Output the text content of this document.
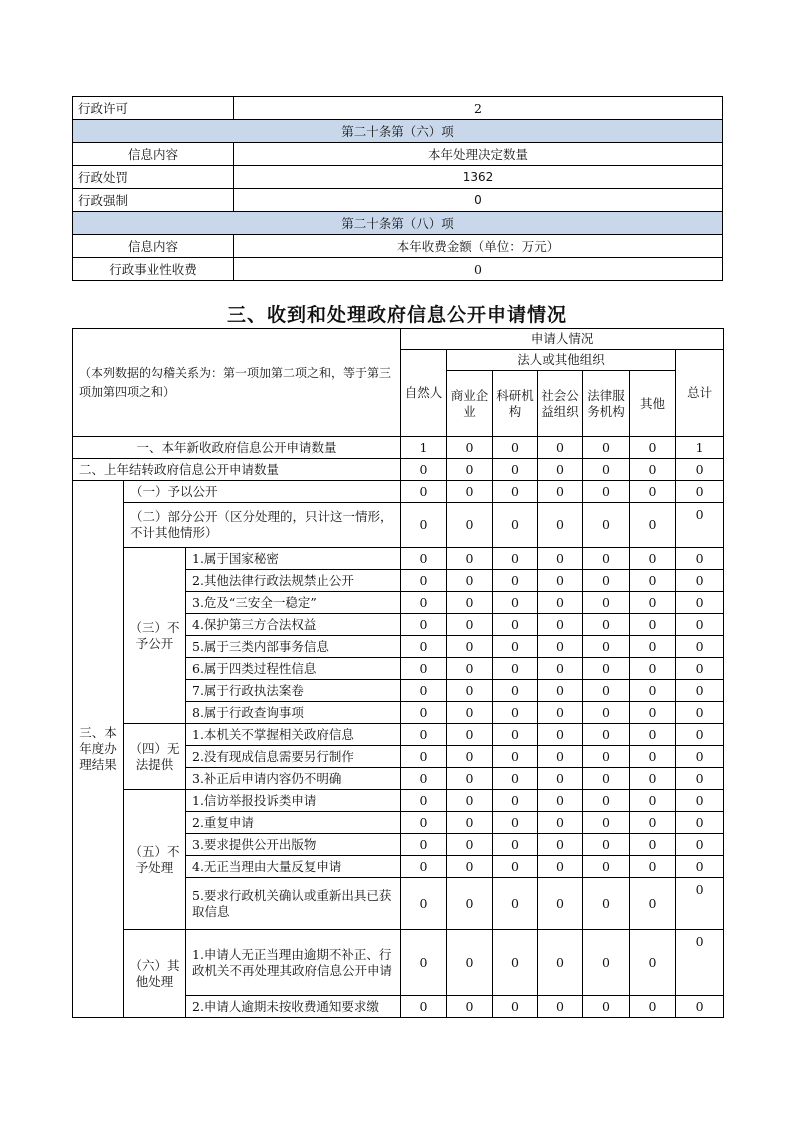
行政许可	2
第二十条第（六）项	
信息内容	本年处理决定数量
行政处罚	1362
行政强制	0
第二十条第（八）项	
信息内容	本年收费金额（单位：万元）
行政事业性收费	0
三、收到和处理政府信息公开申请情况
（本列数据的勾稽关系为：第一项加第二项之和，等于第三项加第四项之和）			申请人情况						
			自然人	法人或其他组织					总计
				商业企业	科研机构	社会公益组织	法律服务机构	其他	
一、本年新收政府信息公开申请数量			1	0	0	0	0	0	1
二、上年结转政府信息公开申请数量			0	0	0	0	0	0	0
三、本年度办理结果	（一）予以公开		0	0	0	0	0	0	0
	（二）部分公开（区分处理的，只计这一情形，不计其他情形）		0	0	0	0	0	0	0
	（三）不予公开	1.属于国家秘密	0	0	0	0	0	0	0
		2.其他法律行政法规禁止公开	0	0	0	0	0	0	0
		3.危及“三安全一稳定”	0	0	0	0	0	0	0
		4.保护第三方合法权益	0	0	0	0	0	0	0
		5.属于三类内部事务信息	0	0	0	0	0	0	0
		6.属于四类过程性信息	0	0	0	0	0	0	0
		7.属于行政执法案卷	0	0	0	0	0	0	0
		8.属于行政查询事项	0	0	0	0	0	0	0
	（四）无法提供	1.本机关不掌握相关政府信息	0	0	0	0	0	0	0
		2.没有现成信息需要另行制作	0	0	0	0	0	0	0
		3.补正后申请内容仍不明确	0	0	0	0	0	0	0
	（五）不予处理	1.信访举报投诉类申请	0	0	0	0	0	0	0
		2.重复申请	0	0	0	0	0	0	0
		3.要求提供公开出版物	0	0	0	0	0	0	0
		4.无正当理由大量反复申请	0	0	0	0	0	0	0
		5.要求行政机关确认或重新出具已获取信息	0	0	0	0	0	0	0
	（六）其他处理	1.申请人无正当理由逾期不补正、行政机关不再处理其政府信息公开申请	0	0	0	0	0	0	0
		2.申请人逾期未按收费通知要求缴	0	0	0	0	0	0	0
